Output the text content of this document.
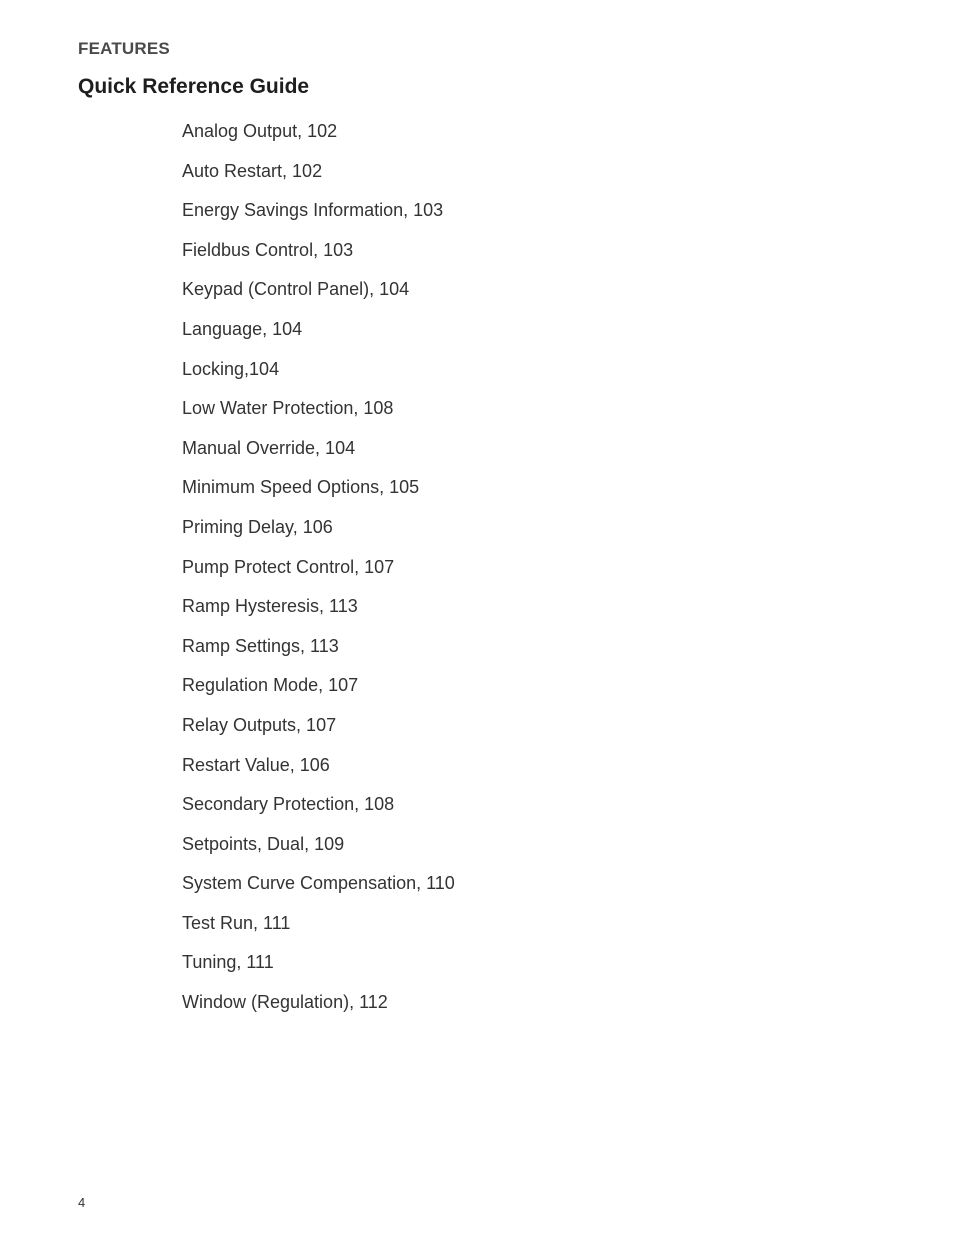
FEATURES
Quick Reference Guide
Analog Output, 102
Auto Restart, 102
Energy Savings Information, 103
Fieldbus Control, 103
Keypad (Control Panel), 104
Language, 104
Locking,104
Low Water Protection, 108
Manual Override, 104
Minimum Speed Options, 105
Priming Delay, 106
Pump Protect Control, 107
Ramp Hysteresis, 113
Ramp Settings, 113
Regulation Mode, 107
Relay Outputs, 107
Restart Value, 106
Secondary Protection, 108
Setpoints, Dual, 109
System Curve Compensation, 110
Test Run, 111
Tuning, 111
Window (Regulation), 112
4
